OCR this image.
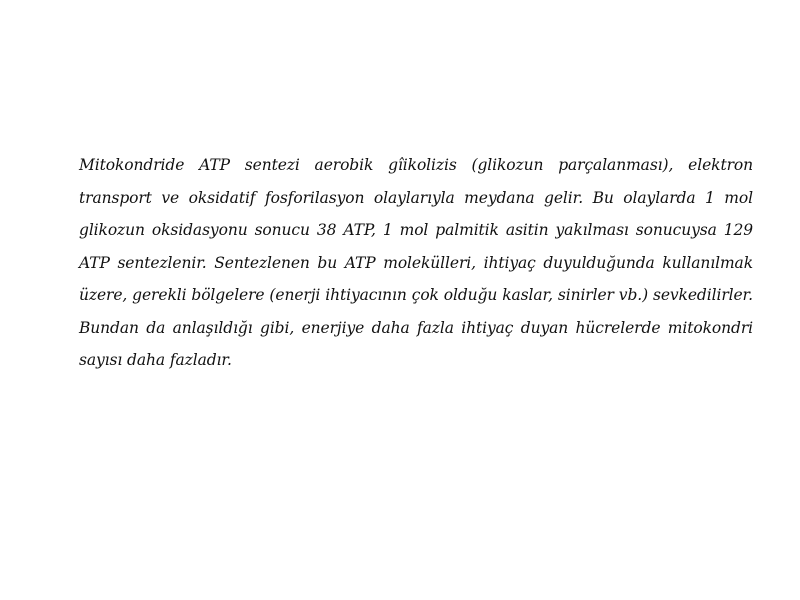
Mitokondride ATP sentezi aerobik gîikolizis (glikozun parçalanması), elektron transport ve oksidatif fosforilasyon olaylarıyla meydana gelir. Bu olaylarda 1 mol glikozun oksidasyonu sonucu 38 ATP, 1 mol palmitik asitin yakılması sonucuysa 129 ATP sentezlenir. Sentezlenen bu ATP molekülleri, ihtiyaç duyulduğunda kullanılmak üzere, gerekli bölgelere (enerji ihtiyacının çok olduğu kaslar, sinirler vb.) sevkedilirler. Bundan da anlaşıldığı gibi, enerjiye daha fazla ihtiyaç duyan hücrelerde mitokondri sayısı daha fazladır.
